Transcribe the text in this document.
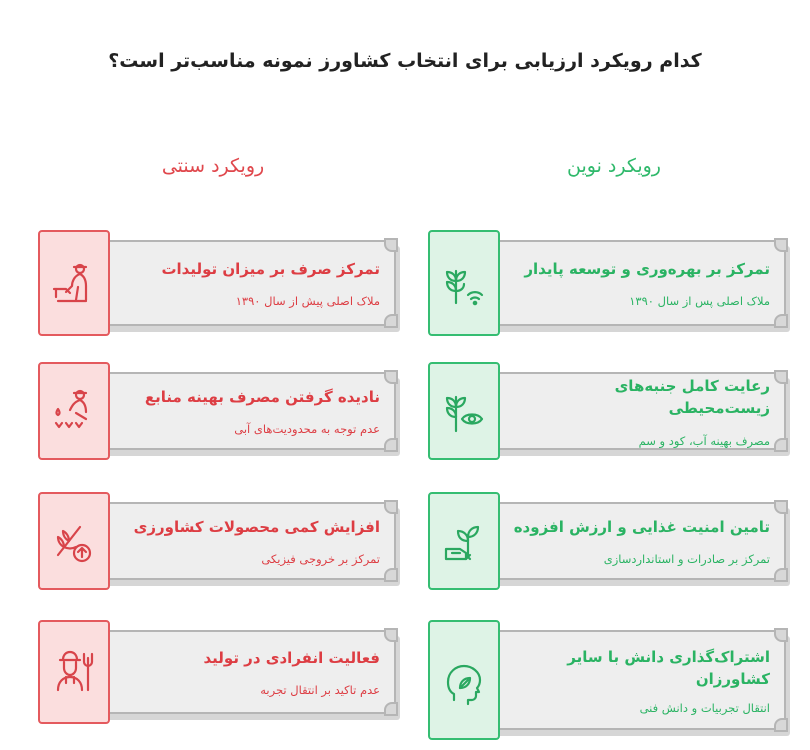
کدام رویکرد ارزیابی برای انتخاب کشاورز نمونه مناسب‌تر است؟
رویکرد نوین
رویکرد سنتی
تمرکز بر بهره‌وری و توسعه پایدار
ملاک اصلی پس از سال ۱۳۹۰
رعایت کامل جنبه‌های زیست‌محیطی
مصرف بهینه آب، کود و سم
تامین امنیت غذایی و ارزش افزوده
تمرکز بر صادرات و استانداردسازی
اشتراک‌گذاری دانش با سایر کشاورزان
انتقال تجربیات و دانش فنی
تمرکز صرف بر میزان تولیدات
ملاک اصلی پیش از سال ۱۳۹۰
نادیده گرفتن مصرف بهینه منابع
عدم توجه به محدودیت‌های آبی
افزایش کمی محصولات کشاورزی
تمرکز بر خروجی فیزیکی
فعالیت انفرادی در تولید
عدم تاکید بر انتقال تجربه
